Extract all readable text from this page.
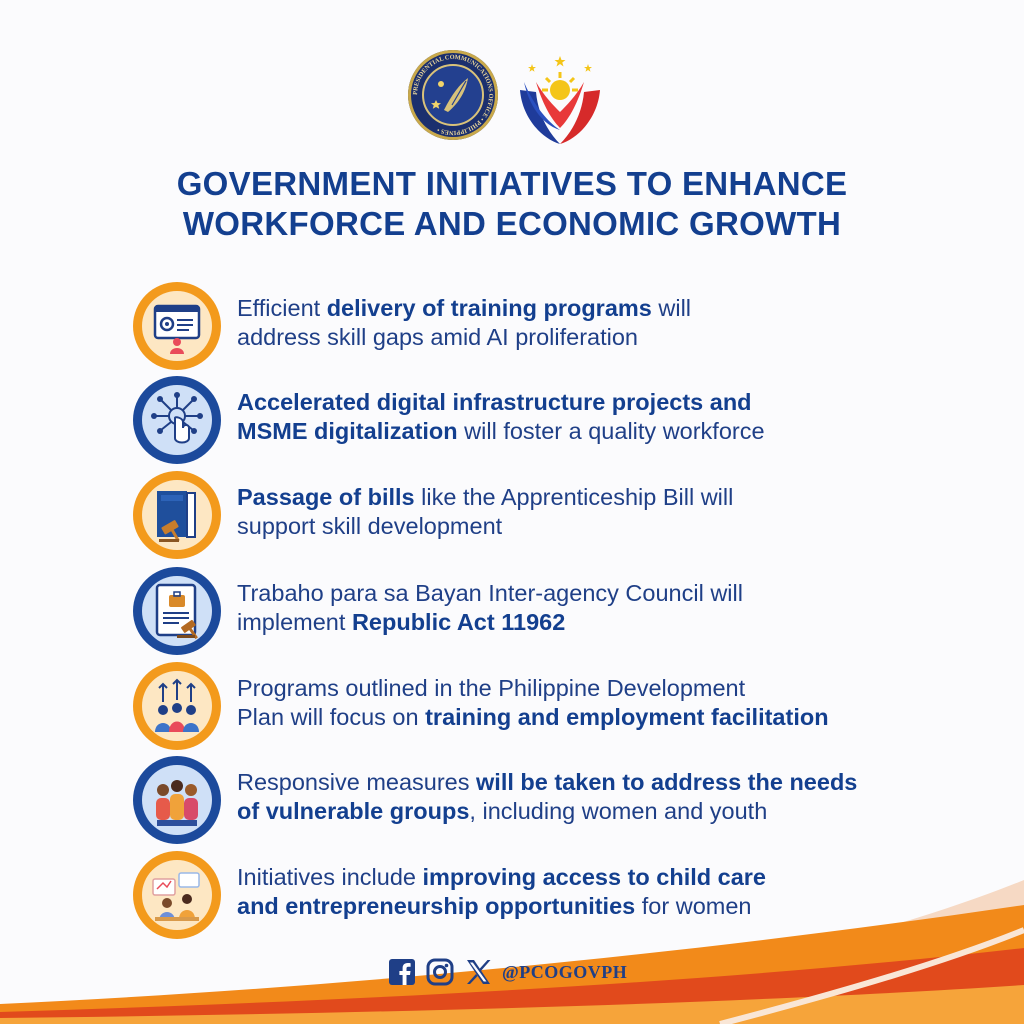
PRESIDENTIAL COMMUNICATIONS OFFICE • PHILIPPINES •
GOVERNMENT INITIATIVES TO ENHANCE
WORKFORCE AND ECONOMIC GROWTH
Efficient delivery of training programs will
address skill gaps amid AI proliferation
Accelerated digital infrastructure projects and
MSME digitalization will foster a quality workforce
Passage of bills like the Apprenticeship Bill will
support skill development
Trabaho para sa Bayan Inter-agency Council will
implement Republic Act 11962
Programs outlined in the Philippine Development
Plan will focus on training and employment facilitation
Responsive measures will be taken to address the needs
of vulnerable groups, including women and youth
Initiatives include improving access to child care
and entrepreneurship opportunities for women
@PCOGOVPH
